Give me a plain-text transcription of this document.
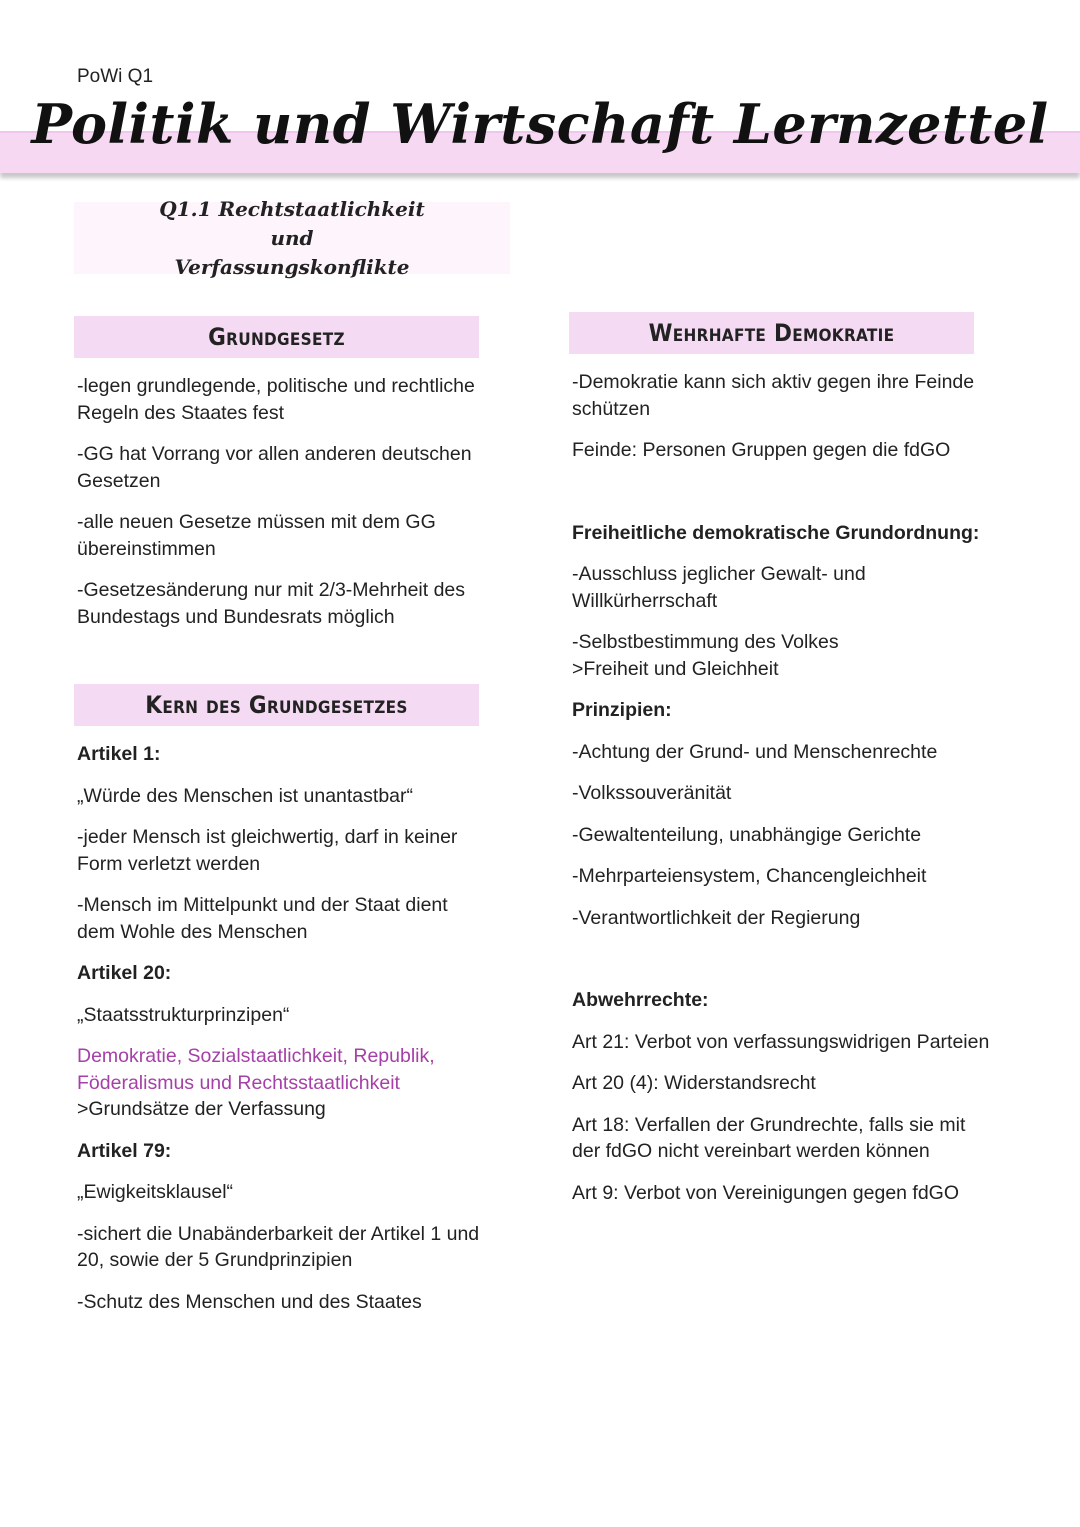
PoWi Q1
Politik und Wirtschaft Lernzettel
Q1.1 Rechtstaatlichkeit und
Verfassungskonflikte
Grundgesetz

-legen grundlegende, politische und rechtliche Regeln des Staates fest

-GG hat Vorrang vor allen anderen deutschen Gesetzen

-alle neuen Gesetze müssen mit dem GG übereinstimmen

-Gesetzesänderung nur mit 2/3-Mehrheit des Bundestags und Bundesrats möglich

Kern des Grundgesetzes

Artikel 1:

„Würde des Menschen ist unantastbar“

-jeder Mensch ist gleichwertig, darf in keiner Form verletzt werden

-Mensch im Mittelpunkt und der Staat dient dem Wohle des Menschen

Artikel 20:

„Staatsstrukturprinzipen“

Demokratie, Sozialstaatlichkeit, Republik, Föderalismus und Rechtsstaatlichkeit

>Grundsätze der Verfassung

Artikel 79:

„Ewigkeitsklausel“

-sichert die Unabänderbarkeit der Artikel 1 und 20, sowie der 5 Grundprinzipien

-Schutz des Menschen und des Staates

Wehrhafte Demokratie

-Demokratie kann sich aktiv gegen ihre Feinde schützen

Feinde: Personen Gruppen gegen die fdGO

Freiheitliche demokratische Grundordnung:

-Ausschluss jeglicher Gewalt- und Willkürherrschaft

-Selbstbestimmung des Volkes

>Freiheit und Gleichheit

Prinzipien:

-Achtung der Grund- und Menschenrechte

-Volkssouveränität

-Gewaltenteilung, unabhängige Gerichte

-Mehrparteiensystem, Chancengleichheit

-Verantwortlichkeit der Regierung

Abwehrrechte:

Art 21: Verbot von verfassungswidrigen Parteien

Art 20 (4): Widerstandsrecht

Art 18: Verfallen der Grundrechte, falls sie mit der fdGO nicht vereinbart werden können

Art 9: Verbot von Vereinigungen gegen fdGO
